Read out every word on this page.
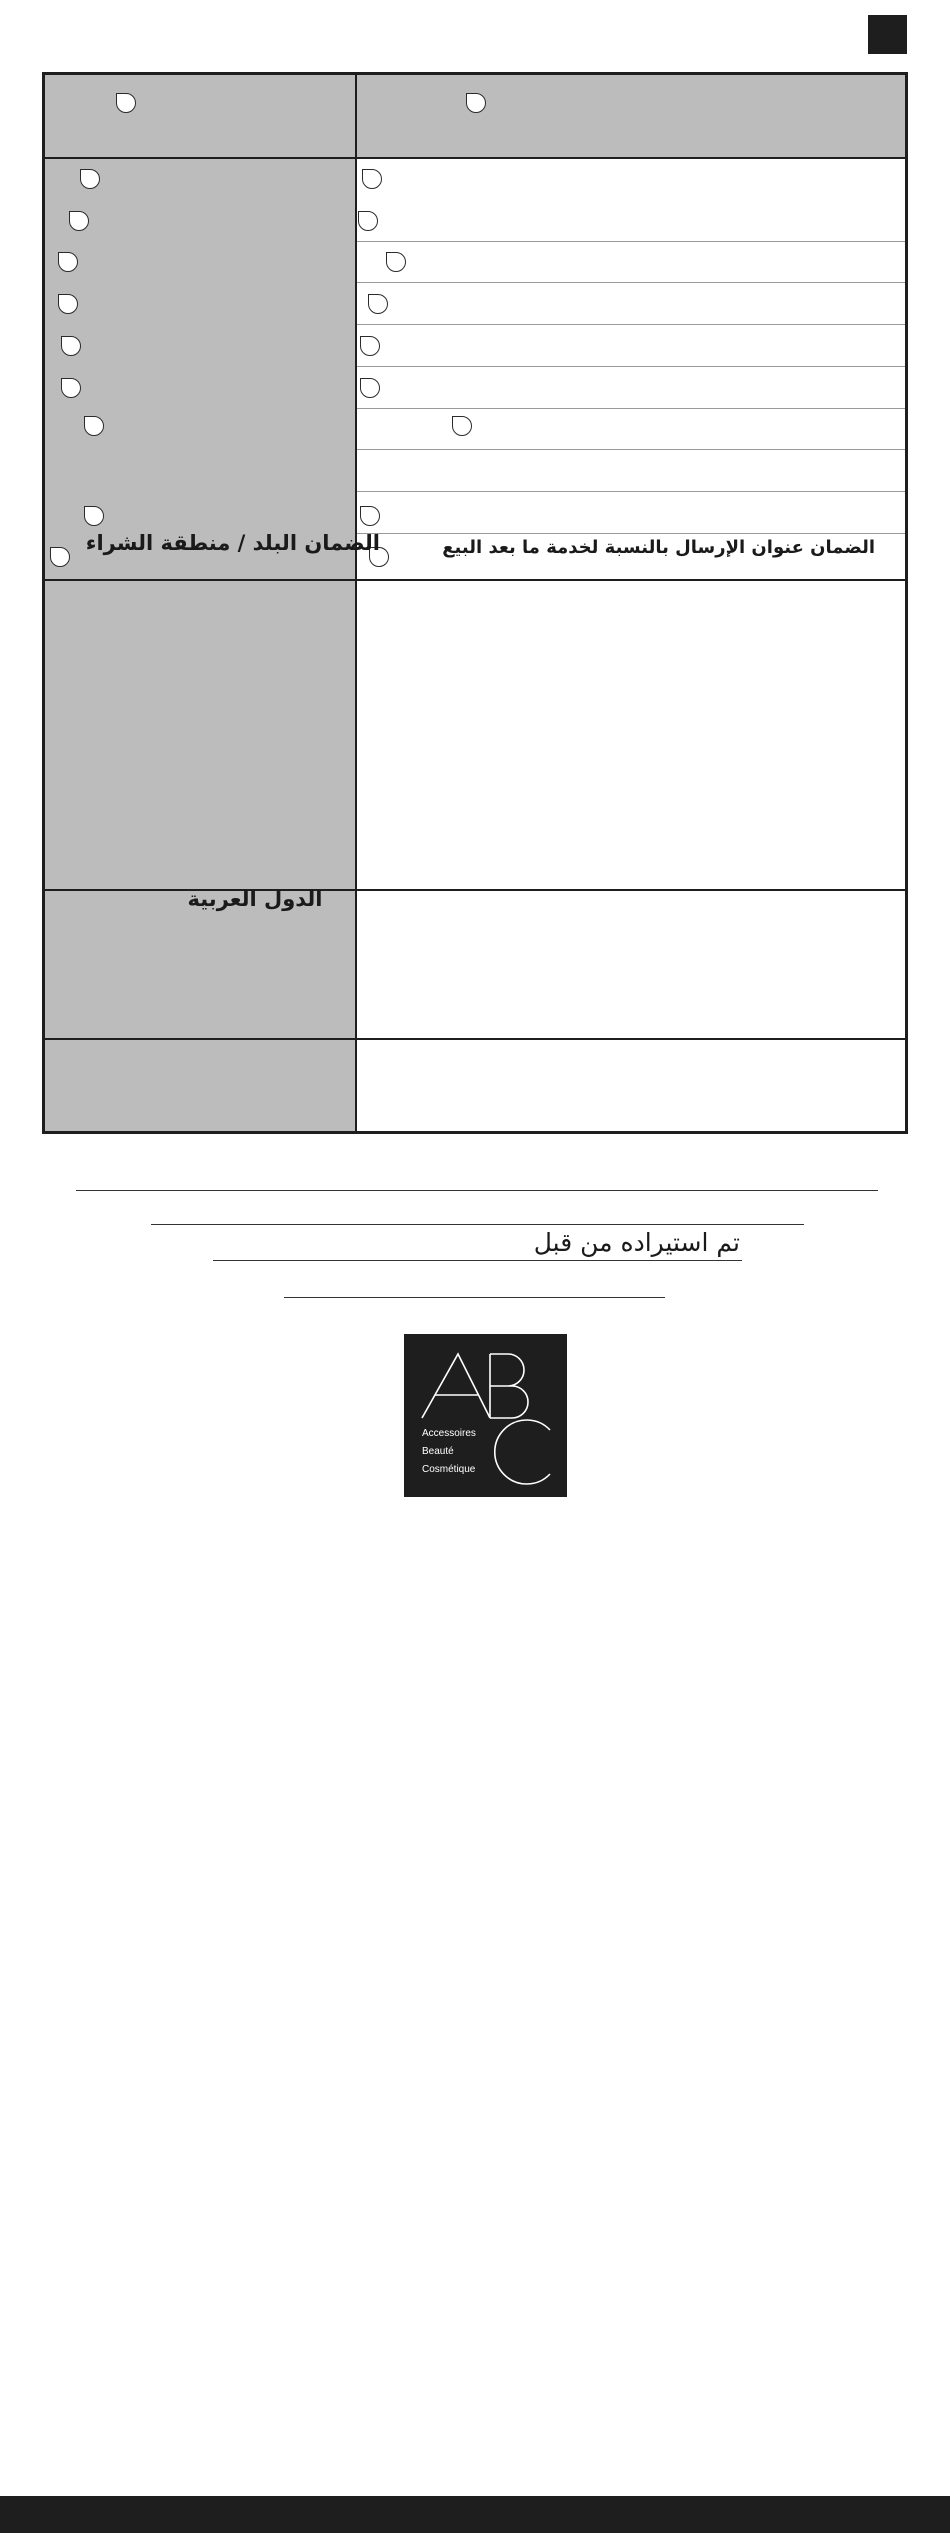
الضمان البلد / منطقة الشراء	الضمان عنوان الإرسال بالنسبة لخدمة ما بعد البيع
الدول العربية
تم استيراده من قبل
Accessoires
Beauté
Cosmétique
